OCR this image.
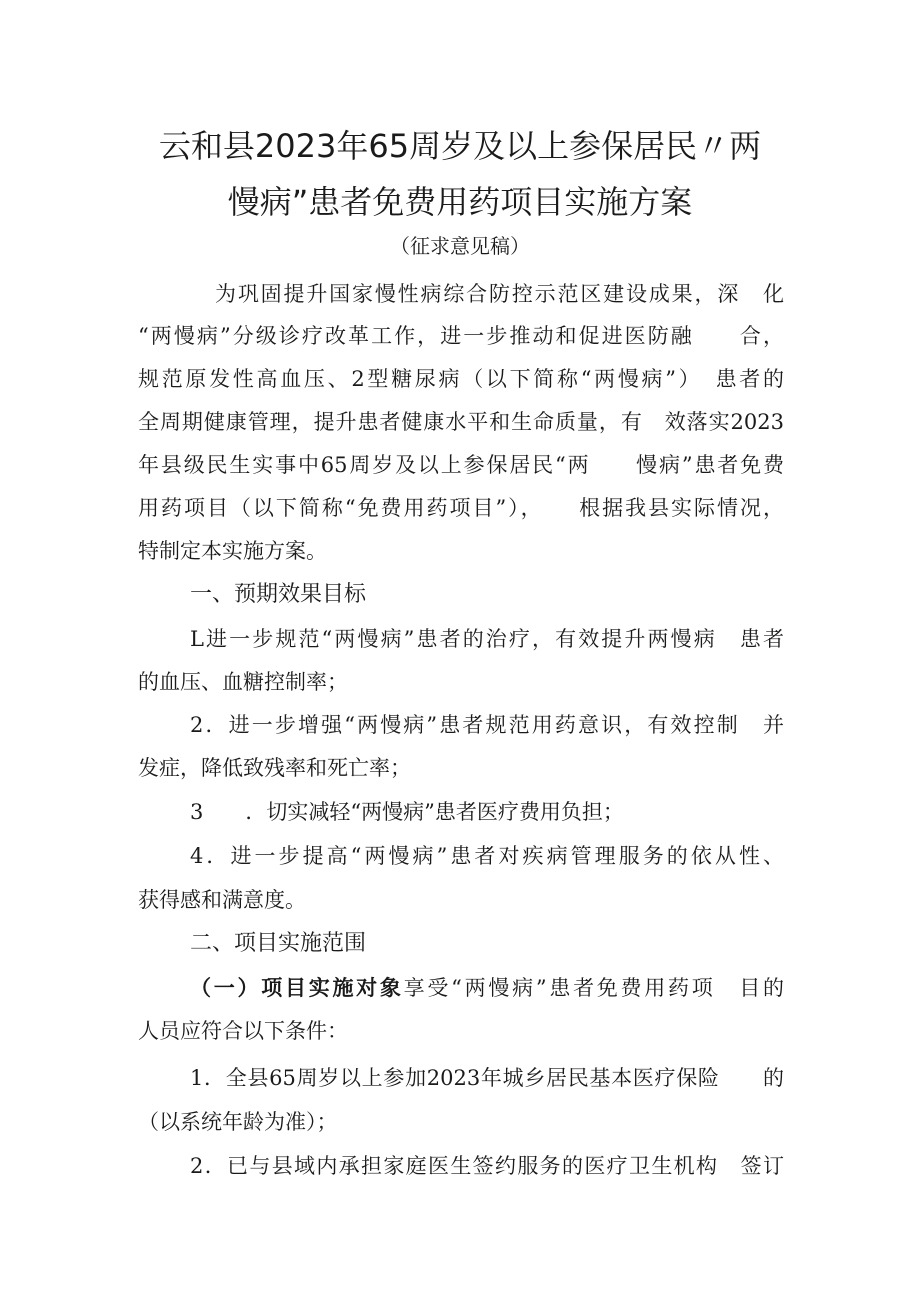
云和县2023年65周岁及以上参保居民〃两
慢病”患者免费用药项目实施方案

（征求意见稿）

为巩固提升国家慢性病综合防控示范区建设成果，深　化

“两慢病”分级诊疗改革工作，进一步推动和促进医防融　　合，

规范原发性高血压、2型糖尿病（以下简称“两慢病”）　患者的

全周期健康管理，提升患者健康水平和生命质量，有　效落实2023

年县级民生实事中65周岁及以上参保居民“两　　慢病”患者免费

用药项目（以下简称“免费用药项目”），　　根据我县实际情况，

特制定本实施方案。

一、预期效果目标

L进一步规范“两慢病”患者的治疗，有效提升两慢病　患者

的血压、血糖控制率；

2．进一步增强“两慢病”患者规范用药意识，有效控制　并

发症，降低致残率和死亡率；

3　　．切实减轻“两慢病”患者医疗费用负担；

4．进一步提高“两慢病”患者对疾病管理服务的依从性、

获得感和满意度。

二、项目实施范围

（一）项目实施对象享受“两慢病”患者免费用药项　目的

人员应符合以下条件：

1．全县65周岁以上参加2023年城乡居民基本医疗保险　　的

（以系统年龄为准）；

2．已与县域内承担家庭医生签约服务的医疗卫生机构　签订
